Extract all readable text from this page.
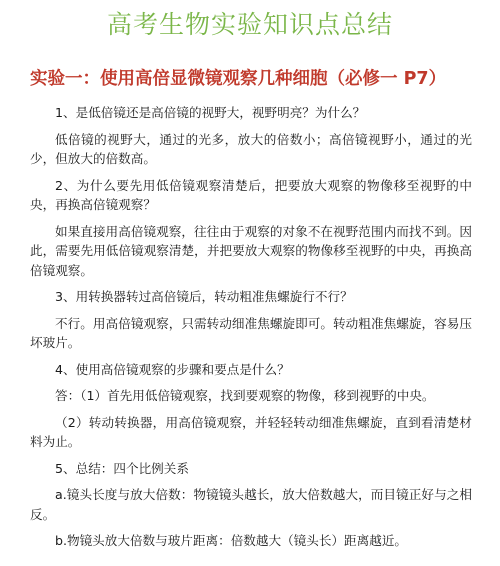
高考生物实验知识点总结
实验一：使用高倍显微镜观察几种细胞（必修一 P7）

1、是低倍镜还是高倍镜的视野大，视野明亮？为什么？

低倍镜的视野大，通过的光多，放大的倍数小；高倍镜视野小，通过的光少，但放大的倍数高。

2、为什么要先用低倍镜观察清楚后，把要放大观察的物像移至视野的中央，再换高倍镜观察？

如果直接用高倍镜观察，往往由于观察的对象不在视野范围内而找不到。因此，需要先用低倍镜观察清楚，并把要放大观察的物像移至视野的中央，再换高倍镜观察。

3、用转换器转过高倍镜后，转动粗准焦螺旋行不行？

不行。用高倍镜观察，只需转动细准焦螺旋即可。转动粗准焦螺旋，容易压坏玻片。

4、使用高倍镜观察的步骤和要点是什么？

答：（1）首先用低倍镜观察，找到要观察的物像，移到视野的中央。

（2）转动转换器，用高倍镜观察，并轻轻转动细准焦螺旋，直到看清楚材料为止。

5、总结：四个比例关系

a.镜头长度与放大倍数：物镜镜头越长，放大倍数越大，而目镜正好与之相反。

b.物镜头放大倍数与玻片距离：倍数越大（镜头长）距离越近。
